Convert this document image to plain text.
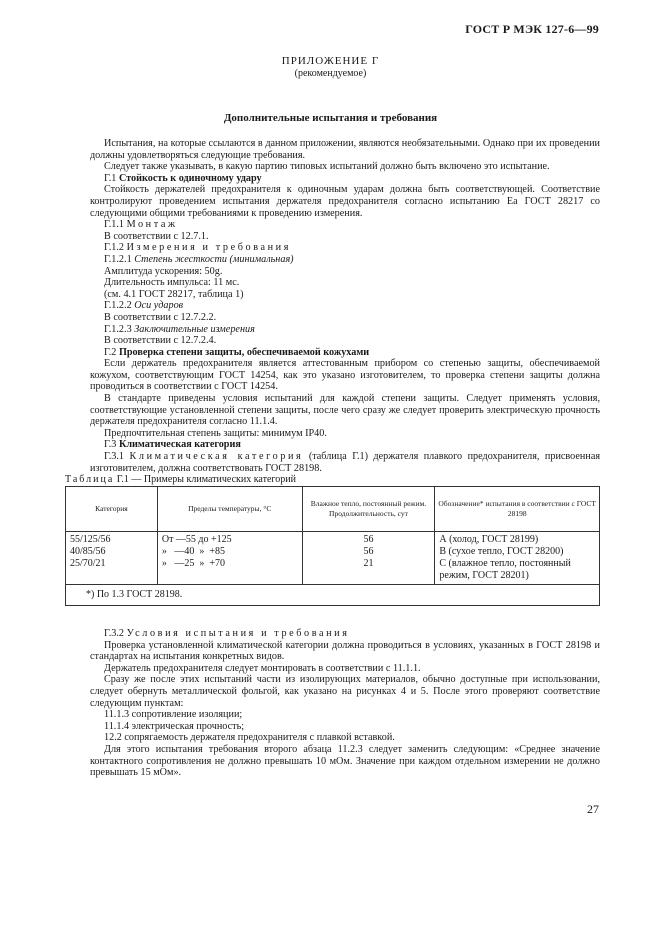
ГОСТ Р МЭК 127-6—99
ПРИЛОЖЕНИЕ Г
(рекомендуемое)
Дополнительные испытания и требования

Испытания, на которые ссылаются в данном приложении, являются необязательными. Однако при их проведении должны удовлетворяться следующие требования.

Следует также указывать, в какую партию типовых испытаний должно быть включено это испытание.

Г.1 Стойкость к одиночному удару

Стойкость держателей предохранителя к одиночным ударам должна быть соответствующей. Соответствие контролируют проведением испытания держателя предохранителя согласно испытанию Еа ГОСТ 28217 со следующими общими требованиями к проведению измерения.

Г.1.1 Монтаж

В соответствии с 12.7.1.

Г.1.2 Измерения и требования

Г.1.2.1 Степень жесткости (минимальная)

Амплитуда ускорения: 50g.

Длительность импульса: 11 мс.

(см. 4.1 ГОСТ 28217, таблица 1)

Г.1.2.2 Оси ударов

В соответствии с 12.7.2.2.

Г.1.2.3 Заключительные измерения

В соответствии с 12.7.2.4.

Г.2 Проверка степени защиты, обеспечиваемой кожухами

Если держатель предохранителя является аттестованным прибором со степенью защиты, обеспечиваемой кожухом, соответствующим ГОСТ 14254, как это указано изготовителем, то проверка степени защиты должна проводиться в соответствии с ГОСТ 14254.

В стандарте приведены условия испытаний для каждой степени защиты. Следует применять условия, соответствующие установленной степени защиты, после чего сразу же следует проверить электрическую прочность держателя предохранителя согласно 11.1.4.

Предпочтительная степень защиты: минимум IP40.

Г.3 Климатическая категория

Г.3.1 Климатическая категория (таблица Г.1) держателя плавкого предохранителя, присвоенная изготовителем, должна соответствовать ГОСТ 28198.

Таблица Г.1 — Примеры климатических категорий
Категория	Пределы температуры, °С	Влажное тепло, постоянный режим. Продолжительность, сут	Обозначение* испытания в соответствии с ГОСТ 28198
55/125/56	От —55 до +125	56	А (холод, ГОСТ 28199)
40/85/56	»   —40  »  +85	56	В (сухое тепло, ГОСТ 28200)
25/70/21	»   —25  »  +70	21	С (влажное тепло, постоянный режим, ГОСТ 28201)
*) По 1.3 ГОСТ 28198.			

Г.3.2 Условия испытания и требования

Проверка установленной климатической категории должна проводиться в условиях, указанных в ГОСТ 28198 и стандартах на испытания конкретных видов.

Держатель предохранителя следует монтировать в соответствии с 11.1.1.

Сразу же после этих испытаний части из изолирующих материалов, обычно доступные при использовании, следует обернуть металлической фольгой, как указано на рисунках 4 и 5. После этого проверяют соответствие следующим пунктам:

11.1.3 сопротивление изоляции;

11.1.4 электрическая прочность;

12.2 сопрягаемость держателя предохранителя с плавкой вставкой.

Для этого испытания требования второго абзаца 11.2.3 следует заменить следующим: «Среднее значение контактного сопротивления не должно превышать 10 мОм. Значение при каждом отдельном измерении не должно превышать 15 мОм».

27
